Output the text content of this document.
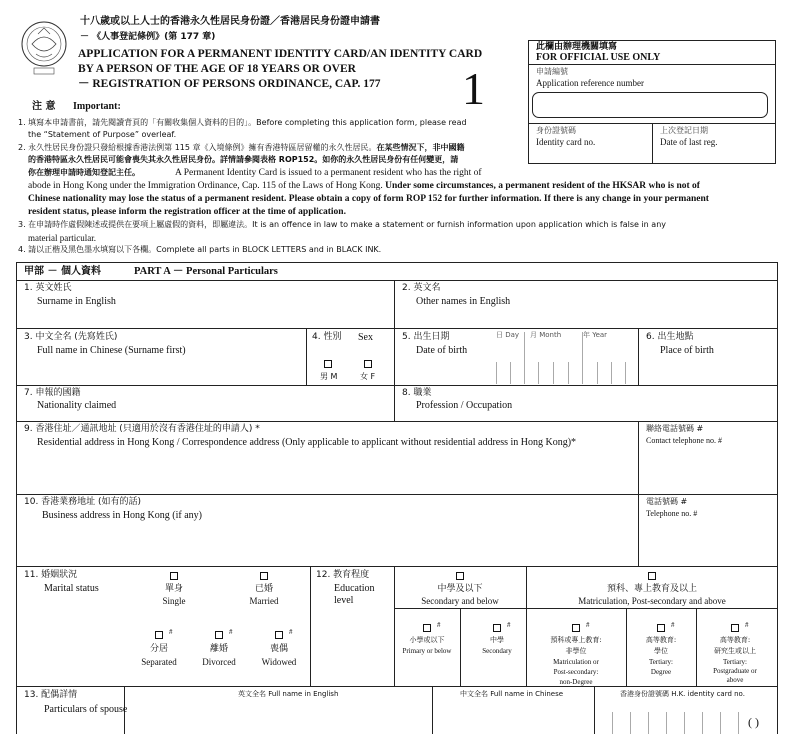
十八歲或以上人士的香港永久性居民身份證／香港居民身份證申請書
－ 《人事登記條例》(第 177 章)
APPLICATION FOR A PERMANENT IDENTITY CARD/AN IDENTITY CARD
BY A PERSON OF THE AGE OF 18 YEARS OR OVER
－ REGISTRATION OF PERSONS ORDINANCE, CAP. 177 1
此欄由辦理機關填寫
FOR OFFICIAL USE ONLY
申請編號
Application reference number
身份證號碼
Identity card no.
上次登記日期
Date of last reg.
注 意 Important:
1. 填寫本申請書前，請先閱讀背頁的「有關收集個人資料的目的」。Before completing this application form, please read
the “Statement of Purpose” overleaf.
2. 永久性居民身份證只發給根據香港法例第 115 章《入境條例》擁有香港特區居留權的永久性居民。在某些情況下，非中國籍
的香港特區永久性居民可能會喪失其永久性居民身份。詳情請參閱表格 ROP152。如你的永久性居民身份有任何變更，請
你在辦理申請時通知登記主任。	A Permanent Identity Card is issued to a permanent resident who has the right of
abode in Hong Kong under the Immigration Ordinance, Cap. 115 of the Laws of Hong Kong. Under some circumstances, a permanent resident of the HKSAR who is not of
Chinese nationality may lose the status of a permanent resident. Please obtain a copy of form ROP 152 for further information. If there is any change in your permanent
resident status, please inform the registration officer at the time of application.
3. 在申請時作虛假陳述或提供在要項上屬虛假的資料，即屬違法。It is an offence in law to make a statement or furnish information upon application which is false in any
material particular.
4. 請以正楷及黑色墨水填寫以下各欄。Complete all parts in BLOCK LETTERS and in BLACK INK.
甲部 － 個人資料	PART A － Personal Particulars
1. 英文姓氏
Surname in English
2. 英文名
Other names in English
3. 中文全名 (先寫姓氏)
Full name in Chinese (Surname first)
4. 性別 Sex
男 M	女 F
5. 出生日期
Date of birth
日 Day 月 Month	年 Year	6. 出生地點
Place of birth
7. 申報的國籍
Nationality claimed
8. 職業
Profession / Occupation
9. 香港住址／通訊地址 (只適用於沒有香港住址的申請人) *
Residential address in Hong Kong / Correspondence address (Only applicable to applicant without residential address in Hong Kong)*
聯絡電話號碼 #
Contact telephone no. #
10. 香港業務地址 (如有的話)
Business address in Hong Kong (if any)
電話號碼 #
Telephone no. #
11. 婚姻狀況
Marital status	單身
Single
已婚
Married
#
分居
Separated
#
離婚
Divorced
#
喪偶
Widowed
12. 教育程度
Education
level
中學及以下
Secondary and below
預科、專上教育及以上
Matriculation, Post-secondary and above
#
小學或以下
Primary or below
#
中學
Secondary
#
預科或專上教育:
非學位
Matriculation or
Post-secondary:
non-Degree
#
高等教育:
學位
Tertiary:
Degree
#
高等教育:
研究生或以上
Tertiary:
Postgraduate or
above
13. 配偶詳情
Particulars of spouse
英文全名 Full name in English	中文全名 Full name in Chinese	香港身份證號碼 H.K. identity card no.
( )
